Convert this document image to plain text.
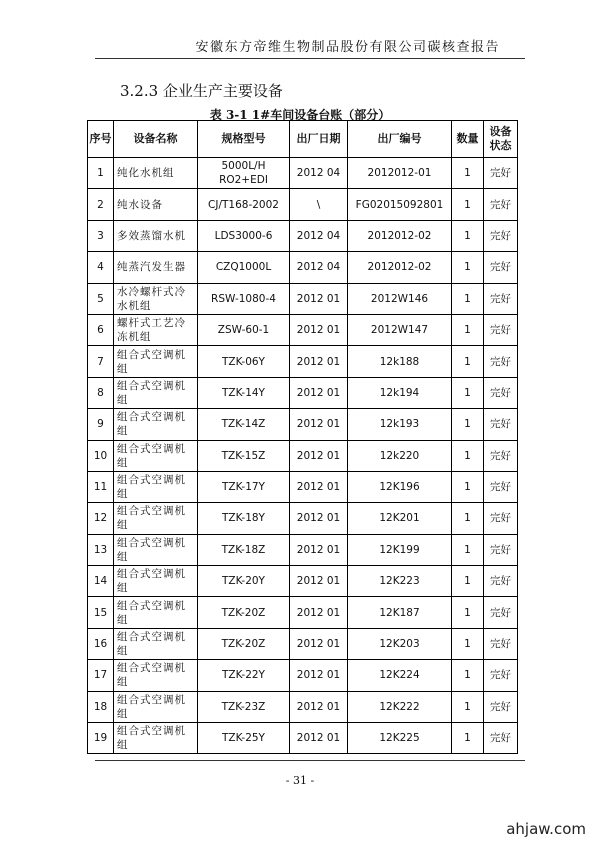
安徽东方帝维生物制品股份有限公司碳核查报告
3.2.3 企业生产主要设备
表 3-1 1#车间设备台账（部分）
序号	设备名称	规格型号	出厂日期	出厂编号	数量	设备状态
1	纯化水机组	5000L/H RO2+EDI	2012 04	2012012-01	1	完好
2	纯水设备	CJ/T168-2002	\	FG02015092801	1	完好
3	多效蒸馏水机	LDS3000-6	2012 04	2012012-02	1	完好
4	纯蒸汽发生器	CZQ1000L	2012 04	2012012-02	1	完好
5	水冷螺杆式冷水机组	RSW-1080-4	2012 01	2012W146	1	完好
6	螺杆式工艺冷冻机组	ZSW-60-1	2012 01	2012W147	1	完好
7	组合式空调机组	TZK-06Y	2012 01	12k188	1	完好
8	组合式空调机组	TZK-14Y	2012 01	12k194	1	完好
9	组合式空调机组	TZK-14Z	2012 01	12k193	1	完好
10	组合式空调机组	TZK-15Z	2012 01	12k220	1	完好
11	组合式空调机组	TZK-17Y	2012 01	12K196	1	完好
12	组合式空调机组	TZK-18Y	2012 01	12K201	1	完好
13	组合式空调机组	TZK-18Z	2012 01	12K199	1	完好
14	组合式空调机组	TZK-20Y	2012 01	12K223	1	完好
15	组合式空调机组	TZK-20Z	2012 01	12K187	1	完好
16	组合式空调机组	TZK-20Z	2012 01	12K203	1	完好
17	组合式空调机组	TZK-22Y	2012 01	12K224	1	完好
18	组合式空调机组	TZK-23Z	2012 01	12K222	1	完好
19	组合式空调机组	TZK-25Y	2012 01	12K225	1	完好
- 31 -
ahjaw.com
